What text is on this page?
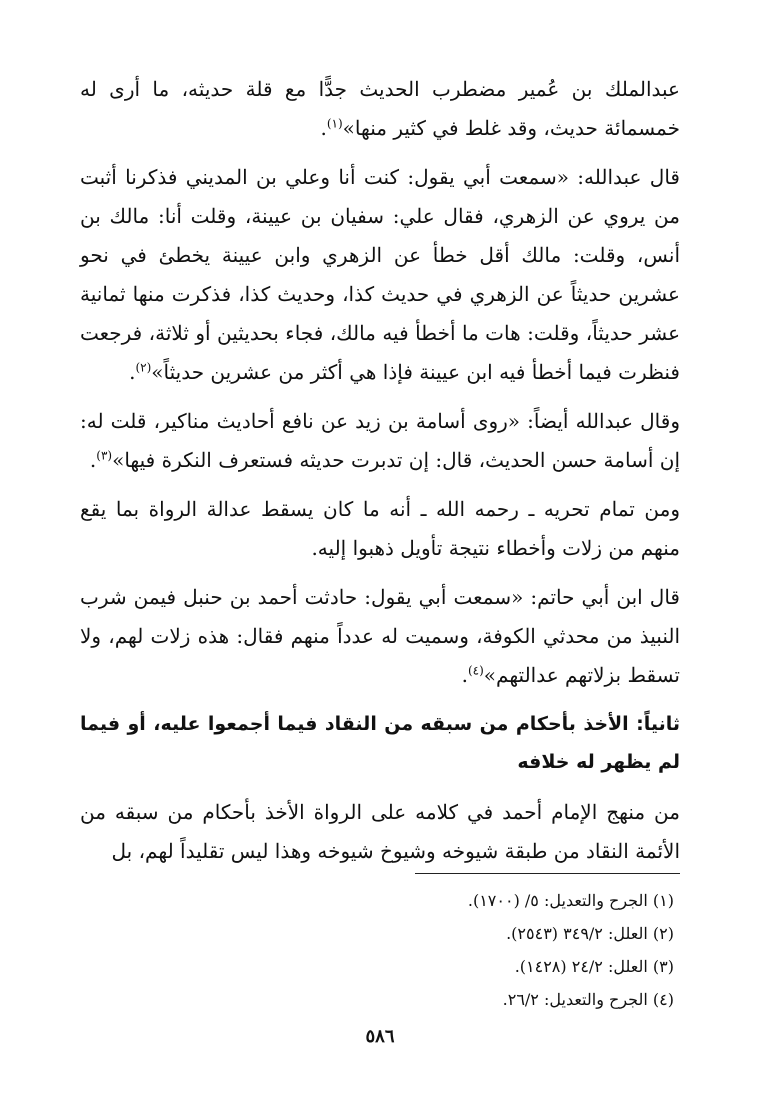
عبدالملك بن عُمير مضطرب الحديث جدًّا مع قلة حديثه، ما أرى له خمسمائة حديث، وقد غلط في كثير منها»$^{(١)}$.

قال عبدالله: «سمعت أبي يقول: كنت أنا وعلي بن المديني فذكرنا أثبت من يروي عن الزهري، فقال علي: سفيان بن عيينة، وقلت أنا: مالك بن أنس، وقلت: مالك أقل خطأ عن الزهري وابن عيينة يخطئ في نحو عشرين حديثاً عن الزهري في حديث كذا، وحديث كذا، فذكرت منها ثمانية عشر حديثاً، وقلت: هات ما أخطأ فيه مالك، فجاء بحديثين أو ثلاثة، فرجعت فنظرت فيما أخطأ فيه ابن عيينة فإذا هي أكثر من عشرين حديثاً»$^{(٢)}$.

وقال عبدالله أيضاً: «روى أسامة بن زيد عن نافع أحاديث مناكير، قلت له: إن أسامة حسن الحديث، قال: إن تدبرت حديثه فستعرف النكرة فيها»$^{(٣)}$.

ومن تمام تحريه ـ رحمه الله ـ أنه ما كان يسقط عدالة الرواة بما يقع منهم من زلات وأخطاء نتيجة تأويل ذهبوا إليه.

قال ابن أبي حاتم: «سمعت أبي يقول: حادثت أحمد بن حنبل فيمن شرب النبيذ من محدثي الكوفة، وسميت له عدداً منهم فقال: هذه زلات لهم، ولا تسقط بزلاتهم عدالتهم»$^{(٤)}$.

ثانياً: الأخذ بأحكام من سبقه من النقاد فيما أجمعوا عليه، أو فيما لم يظهر له خلافه

من منهج الإمام أحمد في كلامه على الرواة الأخذ بأحكام من سبقه من الأئمة النقاد من طبقة شيوخه وشيوخ شيوخه وهذا ليس تقليداً لهم، بل

(١) الجرح والتعديل: ٥/ (١٧٠٠).
(٢) العلل: ٣٤٩/٢ (٢٥٤٣).
(٣) العلل: ٢٤/٢ (١٤٢٨).
(٤) الجرح والتعديل: ٢٦/٢.
٥٨٦
